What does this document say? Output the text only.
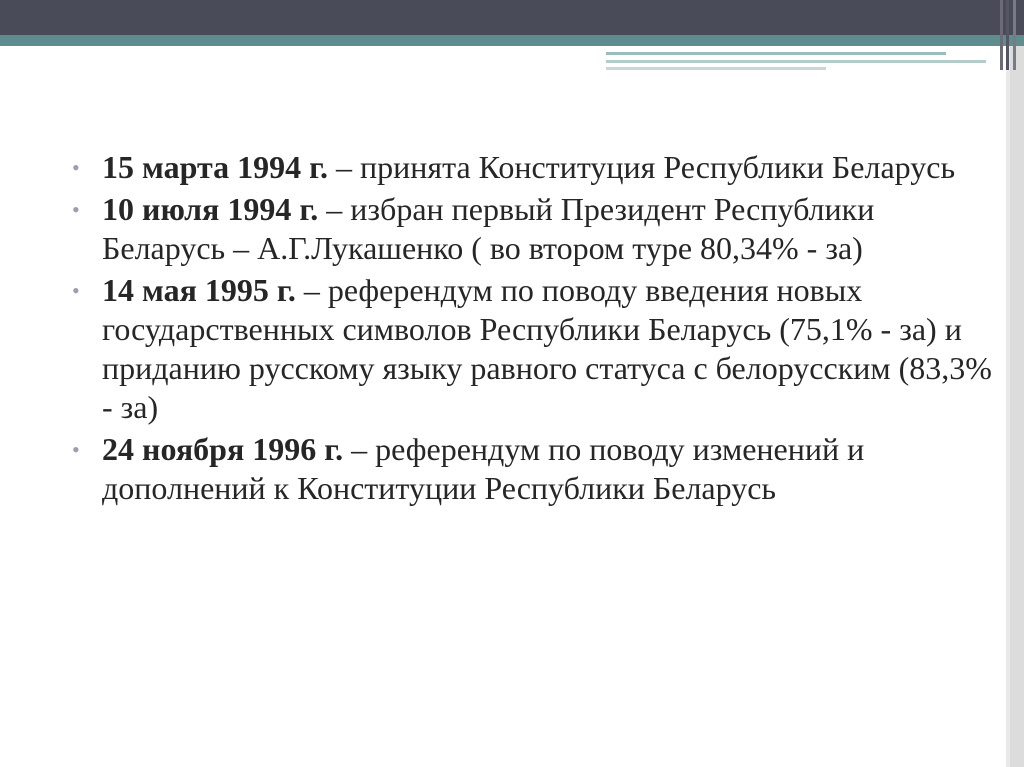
• 15 марта 1994 г. – принята Конституция Республики Беларусь
• 10 июля 1994 г. – избран первый Президент Республики Беларусь – А.Г.Лукашенко ( во втором туре 80,34% - за)
• 14 мая 1995 г. – референдум по поводу введения новых государственных символов Республики Беларусь (75,1% - за) и приданию русскому языку равного статуса с белорусским (83,3% - за)
• 24 ноября 1996 г. – референдум по поводу изменений и дополнений к Конституции Республики Беларусь
